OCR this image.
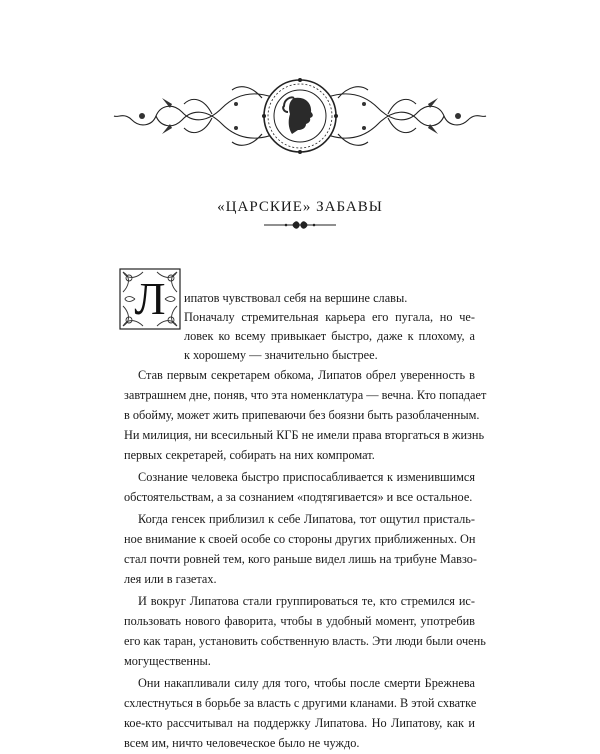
«ЦАРСКИЕ» ЗАБАВЫ
Л	ипатов чувствовал себя на вершине славы.
Поначалу стремительная карьера его пугала, но че-
ловек ко всему привыкает быстро, даже к плохому, а
к хорошему — значительно быстрее.
Став первым секретарем обкома, Липатов обрел уверенность в
завтрашнем дне, поняв, что эта номенклатура — вечна. Кто попадает
в обойму, может жить припеваючи без боязни быть разоблаченным.
Ни милиция, ни всесильный КГБ не имели права вторгаться в жизнь
первых секретарей, собирать на них компромат.
Сознание человека быстро приспосабливается к изменившимся
обстоятельствам, а за сознанием «подтягивается» и все остальное.
Когда генсек приблизил к себе Липатова, тот ощутил присталь-
ное внимание к своей особе со стороны других приближенных. Он
стал почти ровней тем, кого раньше видел лишь на трибуне Мавзо-
лея или в газетах.
И вокруг Липатова стали группироваться те, кто стремился ис-
пользовать нового фаворита, чтобы в удобный момент, употребив
его как таран, установить собственную власть. Эти люди были очень
могущественны.
Они накапливали силу для того, чтобы после смерти Брежнева
схлестнуться в борьбе за власть с другими кланами. В этой схватке
кое-кто рассчитывал на поддержку Липатова. Но Липатову, как и
всем им, ничто человеческое было не чуждо.
